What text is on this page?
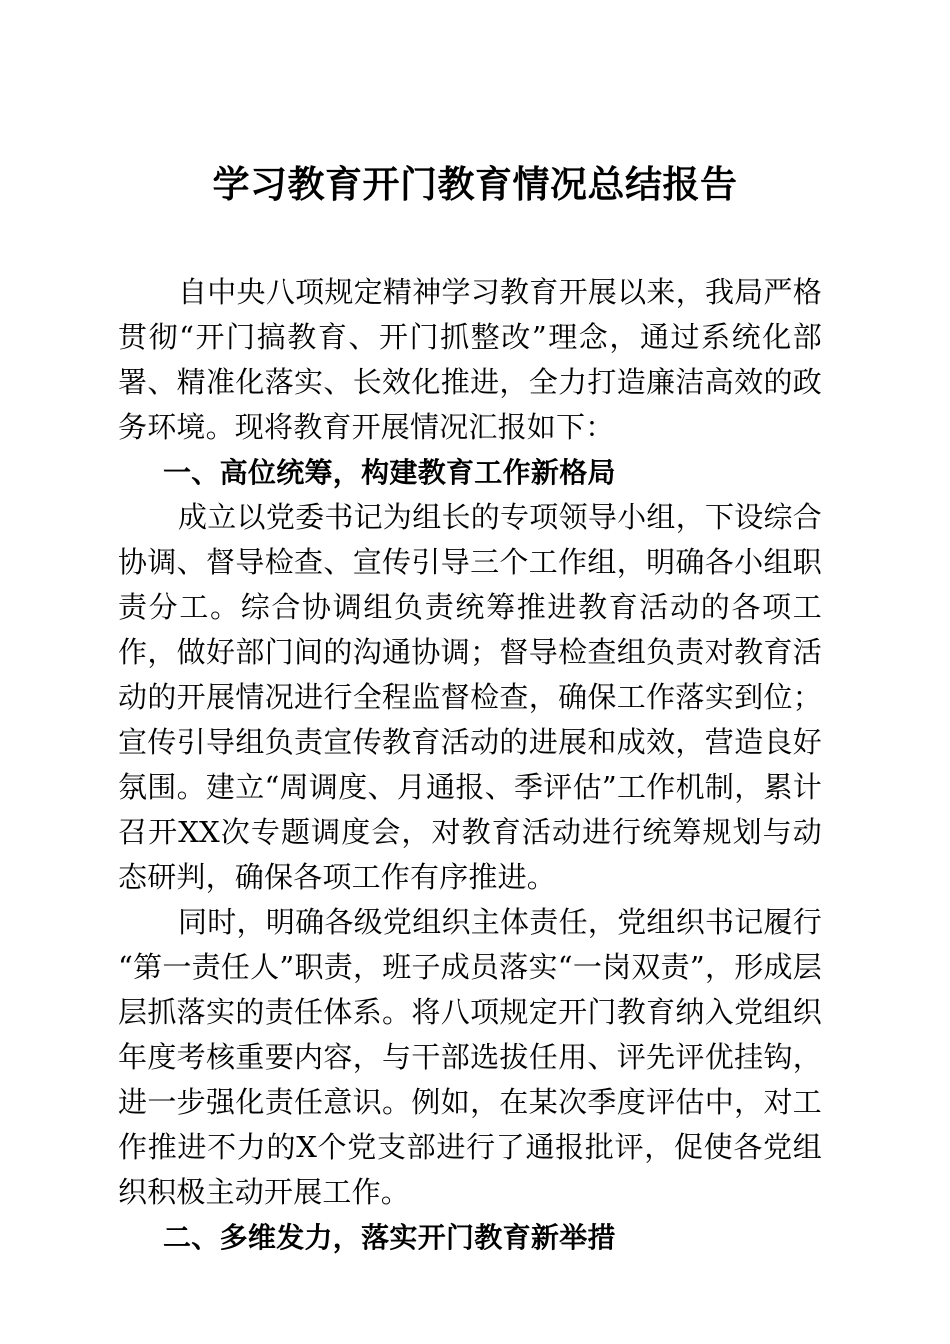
学习教育开门教育情况总结报告

自中央八项规定精神学习教育开展以来，我局严格贯彻“开门搞教育、开门抓整改”理念，通过系统化部署、精准化落实、长效化推进，全力打造廉洁高效的政务环境。现将教育开展情况汇报如下：

一、高位统筹，构建教育工作新格局

成立以党委书记为组长的专项领导小组，下设综合协调、督导检查、宣传引导三个工作组，明确各小组职责分工。综合协调组负责统筹推进教育活动的各项工作，做好部门间的沟通协调；督导检查组负责对教育活动的开展情况进行全程监督检查，确保工作落实到位；宣传引导组负责宣传教育活动的进展和成效，营造良好氛围。建立“周调度、月通报、季评估”工作机制，累计召开XX次专题调度会，对教育活动进行统筹规划与动态研判，确保各项工作有序推进。

同时，明确各级党组织主体责任，党组织书记履行“第一责任人”职责，班子成员落实“一岗双责”，形成层层抓落实的责任体系。将八项规定开门教育纳入党组织年度考核重要内容，与干部选拔任用、评先评优挂钩，进一步强化责任意识。例如，在某次季度评估中，对工作推进不力的X个党支部进行了通报批评，促使各党组织积极主动开展工作。

二、多维发力，落实开门教育新举措
